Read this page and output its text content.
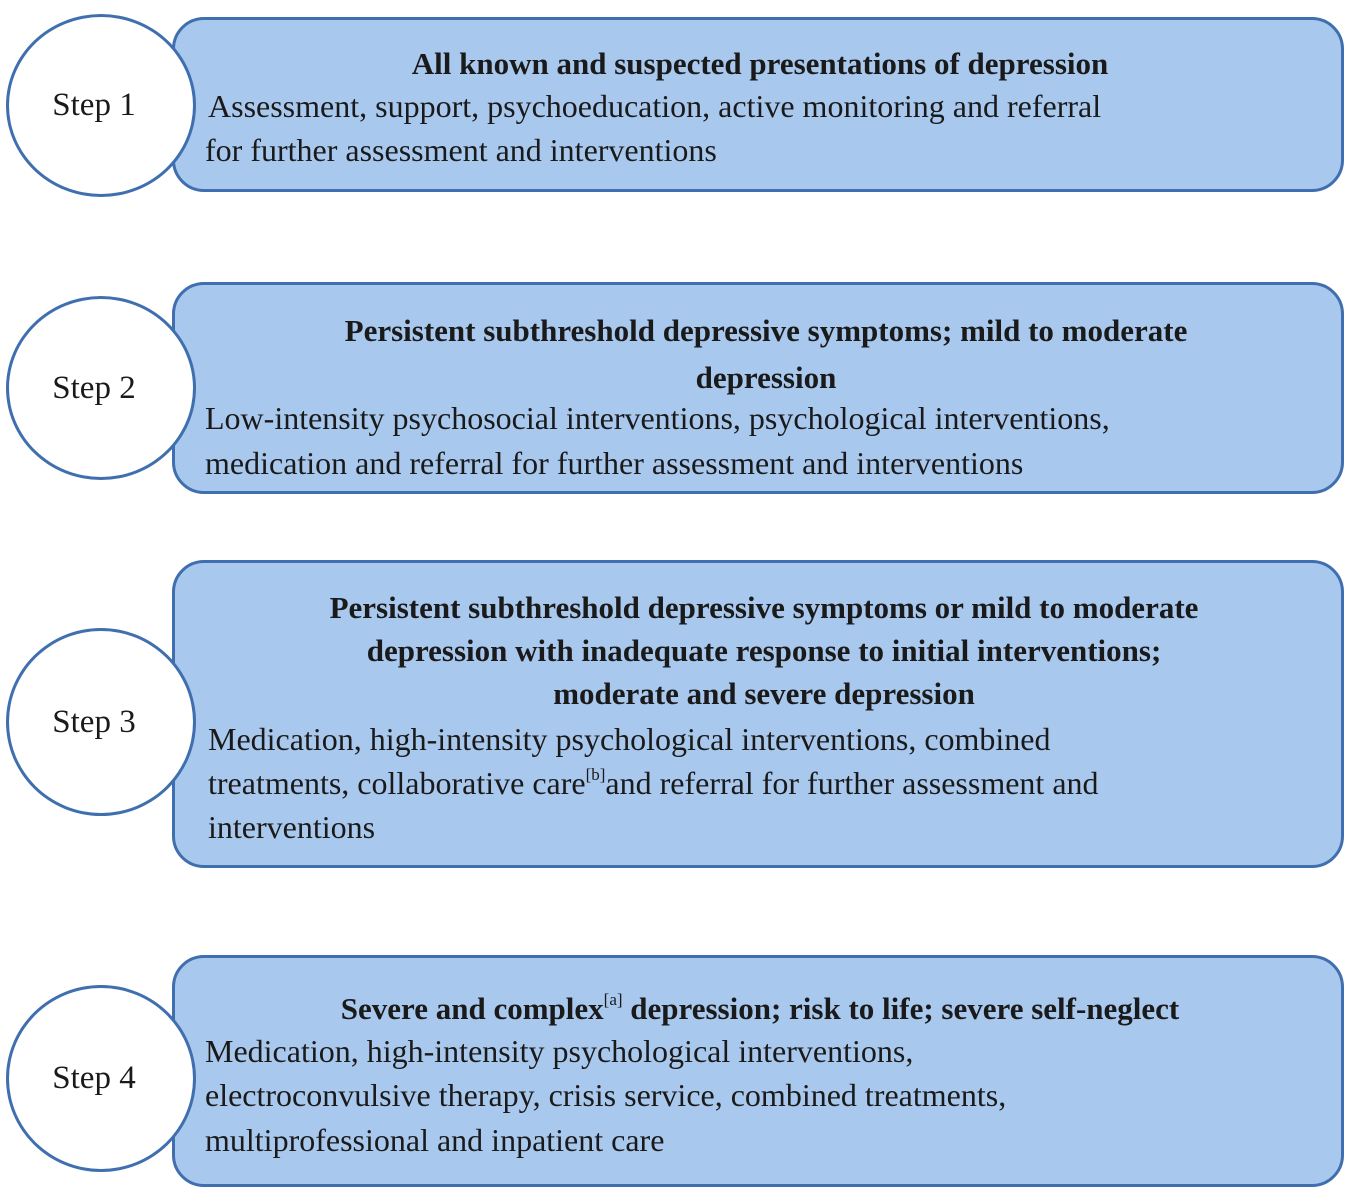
Step 1
All known and suspected presentations of depression
Assessment, support, psychoeducation, active monitoring and referral
for further assessment and interventions
Step 2
Persistent subthreshold depressive symptoms; mild to moderate
depression
Low-intensity psychosocial interventions, psychological interventions,
medication and referral for further assessment and interventions
Step 3
Persistent subthreshold depressive symptoms or mild to moderate
depression with inadequate response to initial interventions;
moderate and severe depression
Medication, high-intensity psychological interventions, combined
treatments, collaborative care[b]and referral for further assessment and
interventions
Step 4
Severe and complex[a] depression; risk to life; severe self-neglect
Medication, high-intensity psychological interventions,
electroconvulsive therapy, crisis service, combined treatments,
multiprofessional and inpatient care
